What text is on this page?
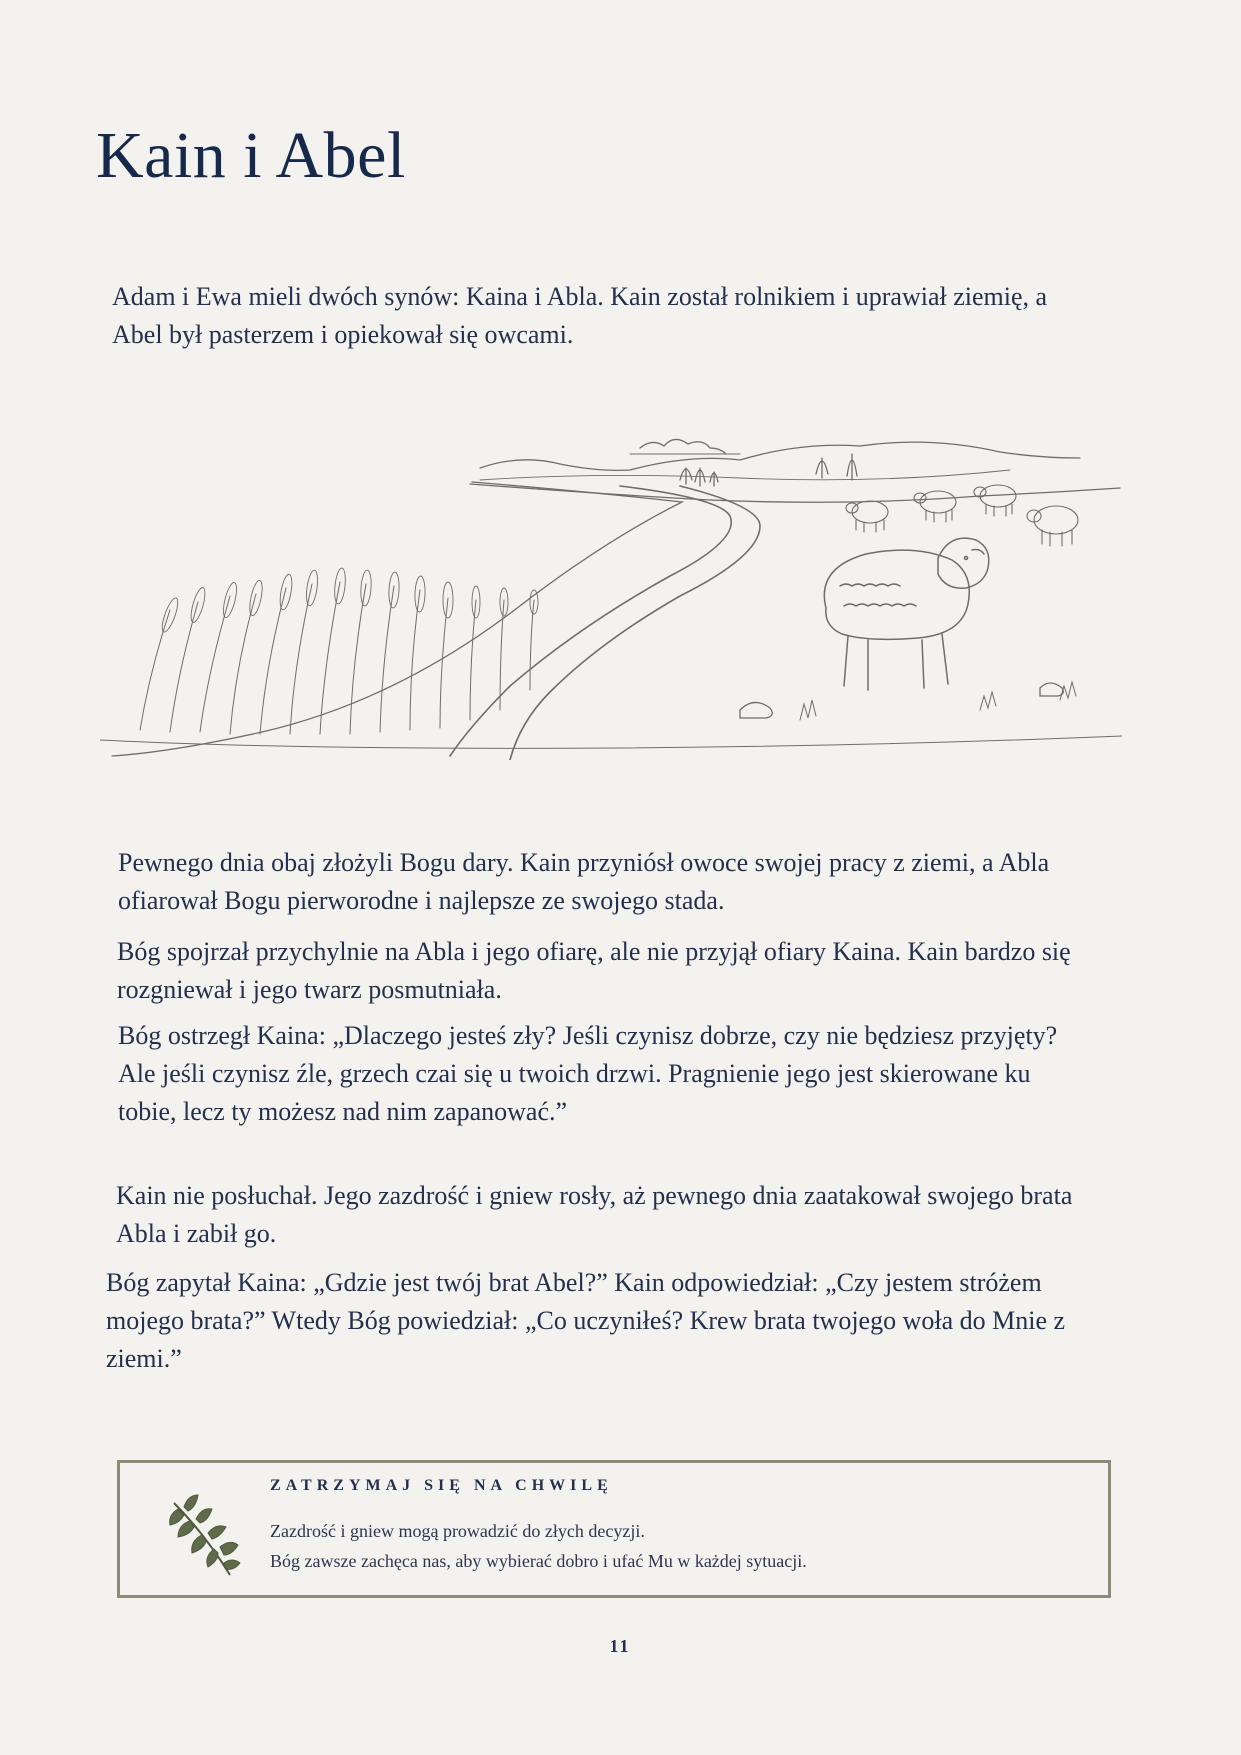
Kain i Abel

Adam i Ewa mieli dwóch synów: Kaina i Abla. Kain został rolnikiem i uprawiał ziemię, a Abel był pasterzem i opiekował się owcami.

Pewnego dnia obaj złożyli Bogu dary. Kain przyniósł owoce swojej pracy z ziemi, a Abla ofiarował Bogu pierworodne i najlepsze ze swojego stada.

Bóg spojrzał przychylnie na Abla i jego ofiarę, ale nie przyjął ofiary Kaina. Kain bardzo się rozgniewał i jego twarz posmutniała.

Bóg ostrzegł Kaina: „Dlaczego jesteś zły? Jeśli czynisz dobrze, czy nie będziesz przyjęty? Ale jeśli czynisz źle, grzech czai się u twoich drzwi. Pragnienie jego jest skierowane ku tobie, lecz ty możesz nad nim zapanować.”

Kain nie posłuchał. Jego zazdrość i gniew rosły, aż pewnego dnia zaatakował swojego brata Abla i zabił go.

Bóg zapytał Kaina: „Gdzie jest twój brat Abel?” Kain odpowiedział: „Czy jestem stróżem mojego brata?” Wtedy Bóg powiedział: „Co uczyniłeś? Krew brata twojego woła do Mnie z ziemi.”

ZATRZYMAJ SIĘ NA CHWILĘ

Zazdrość i gniew mogą prowadzić do złych decyzji.

Bóg zawsze zachęca nas, aby wybierać dobro i ufać Mu w każdej sytuacji.

11
